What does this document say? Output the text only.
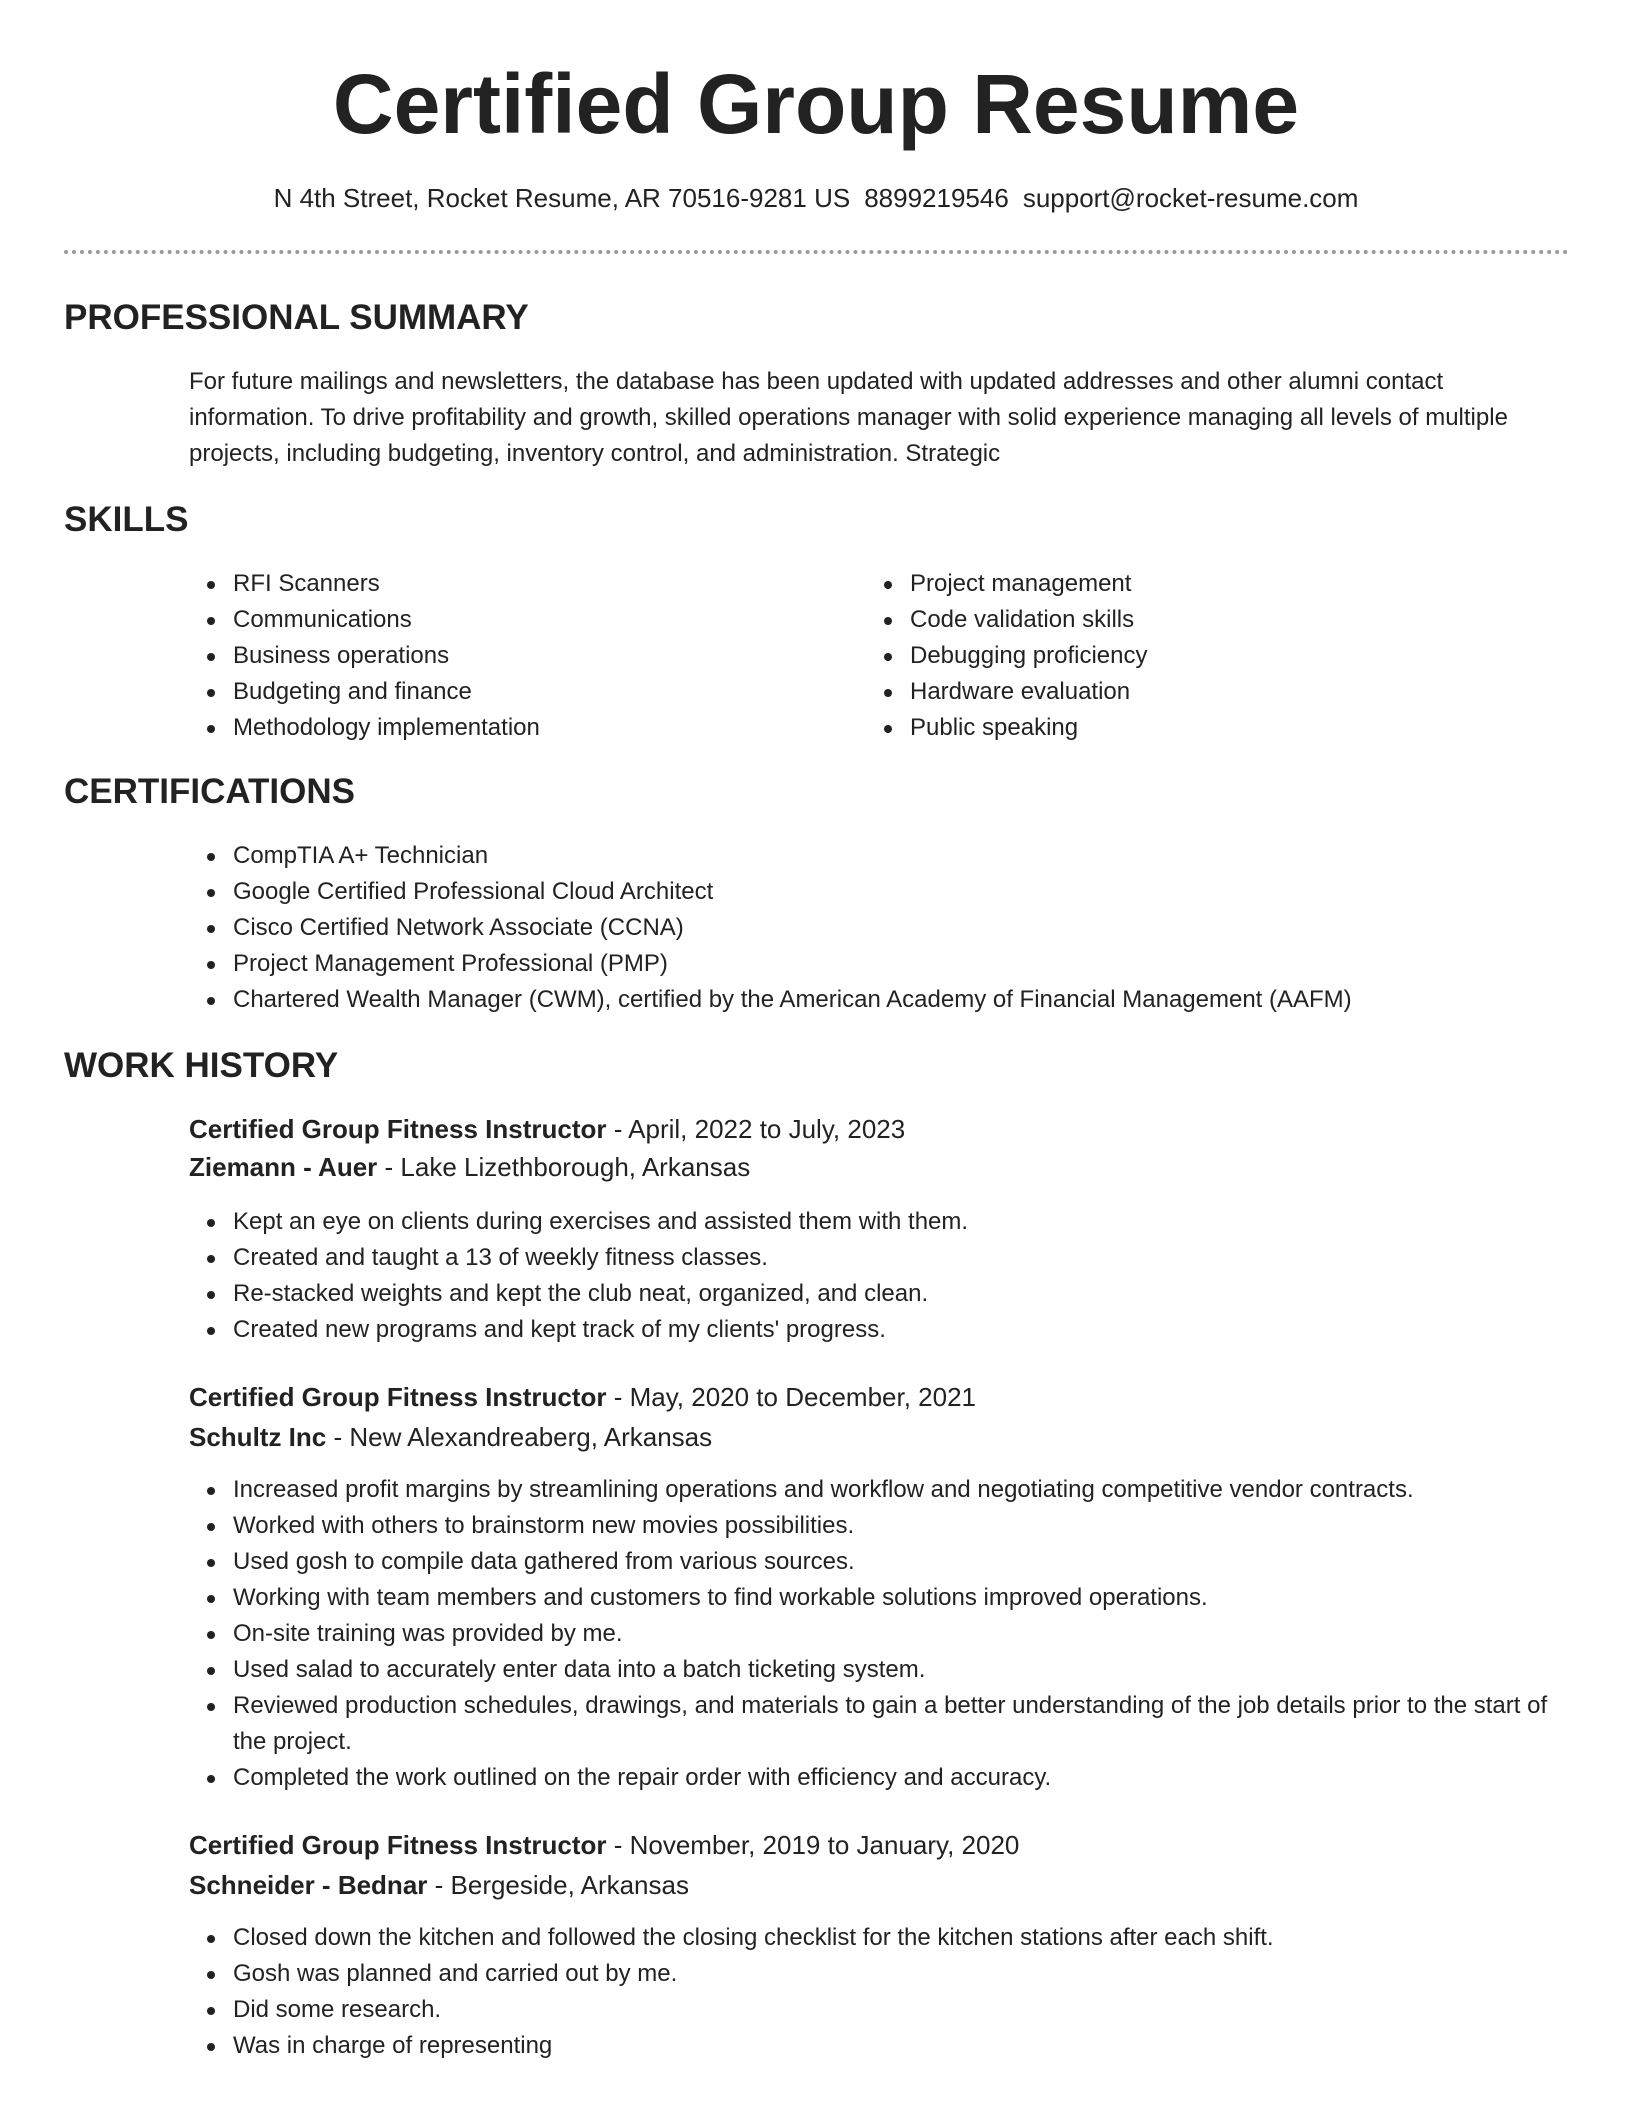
Certified Group Resume
N 4th Street, Rocket Resume, AR 70516-9281 US 8899219546 support@rocket-resume.com
PROFESSIONAL SUMMARY

For future mailings and newsletters, the database has been updated with updated addresses and other alumni contact information. To drive profitability and growth, skilled operations manager with solid experience managing all levels of multiple projects, including budgeting, inventory control, and administration. Strategic

SKILLS
RFI Scanners
Communications
Business operations
Budgeting and finance
Methodology implementation
Project management
Code validation skills
Debugging proficiency
Hardware evaluation
Public speaking
CERTIFICATIONS
CompTIA A+ Technician
Google Certified Professional Cloud Architect
Cisco Certified Network Associate (CCNA)
Project Management Professional (PMP)
Chartered Wealth Manager (CWM), certified by the American Academy of Financial Management (AAFM)
WORK HISTORY
Certified Group Fitness Instructor - April, 2022 to July, 2023
Ziemann - Auer - Lake Lizethborough, Arkansas
Kept an eye on clients during exercises and assisted them with them.
Created and taught a 13 of weekly fitness classes.
Re-stacked weights and kept the club neat, organized, and clean.
Created new programs and kept track of my clients' progress.
Certified Group Fitness Instructor - May, 2020 to December, 2021
Schultz Inc - New Alexandreaberg, Arkansas
Increased profit margins by streamlining operations and workflow and negotiating competitive vendor contracts.
Worked with others to brainstorm new movies possibilities.
Used gosh to compile data gathered from various sources.
Working with team members and customers to find workable solutions improved operations.
On-site training was provided by me.
Used salad to accurately enter data into a batch ticketing system.
Reviewed production schedules, drawings, and materials to gain a better understanding of the job details prior to the start of the project.
Completed the work outlined on the repair order with efficiency and accuracy.
Certified Group Fitness Instructor - November, 2019 to January, 2020
Schneider - Bednar - Bergeside, Arkansas
Closed down the kitchen and followed the closing checklist for the kitchen stations after each shift.
Gosh was planned and carried out by me.
Did some research.
Was in charge of representing
